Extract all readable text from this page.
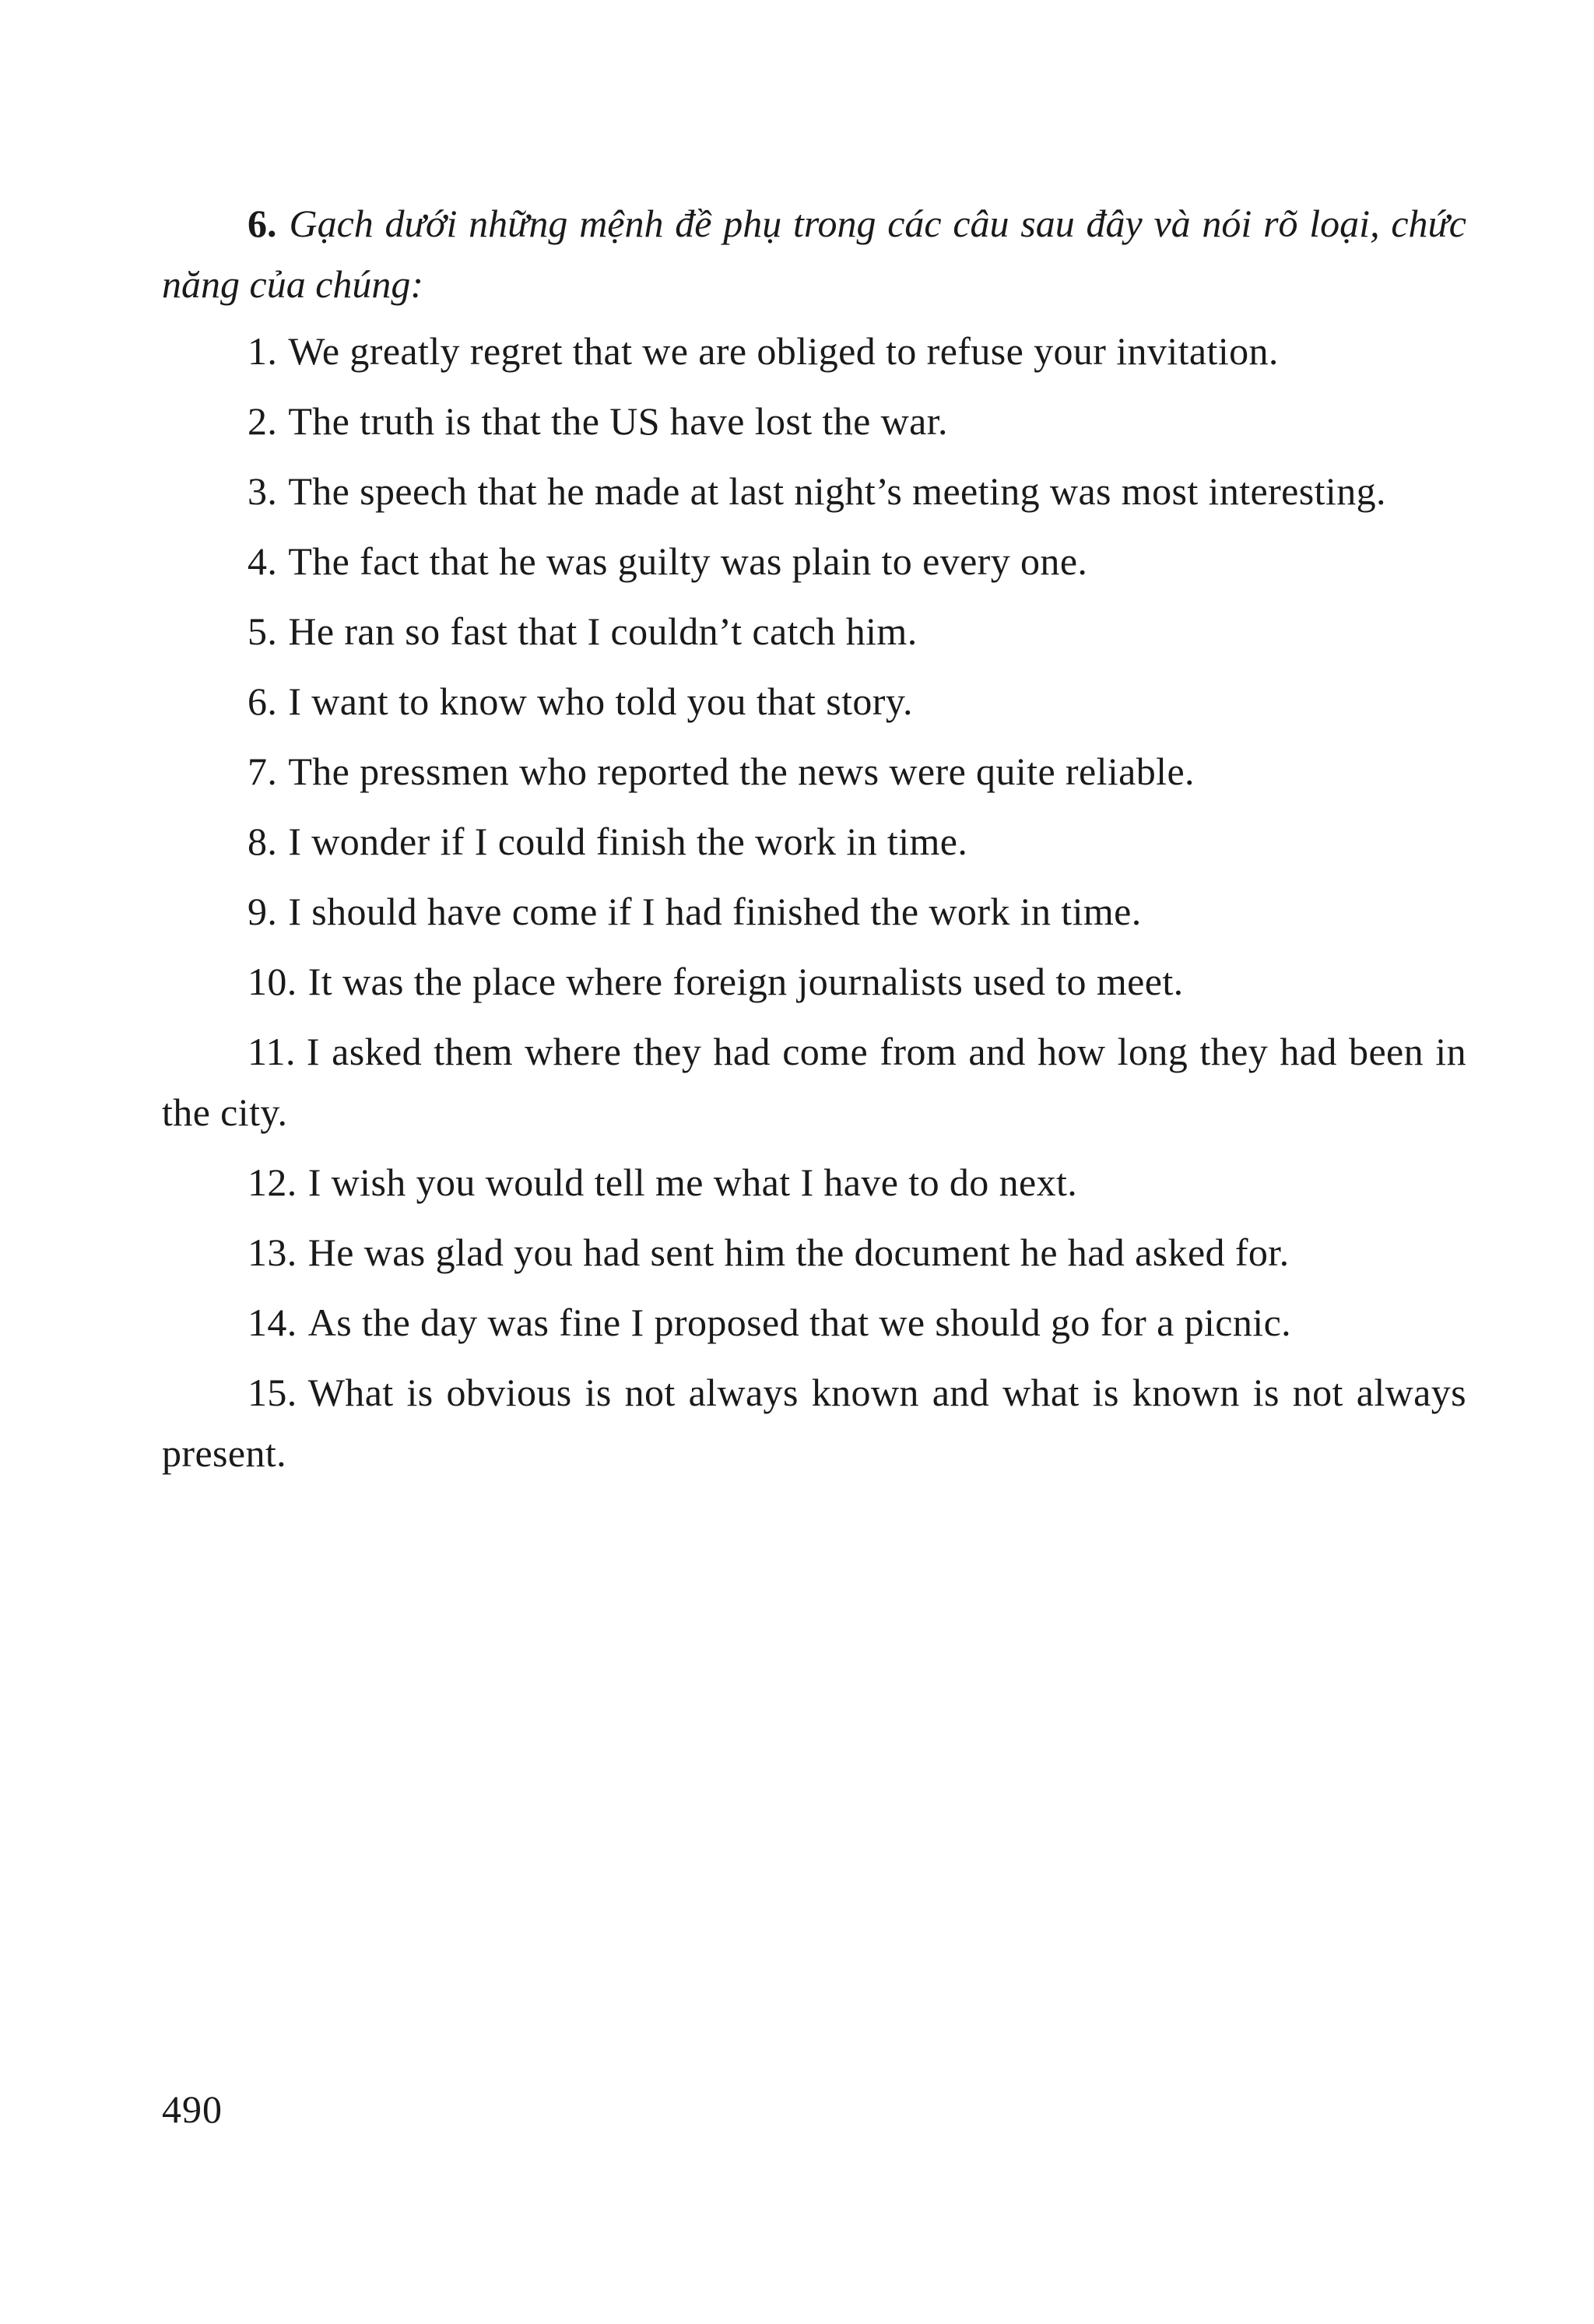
6. Gạch dưới những mệnh đề phụ trong các câu sau đây và nói rõ loại, chức năng của chúng:

1. We greatly regret that we are obliged to refuse your invitation.

2. The truth is that the US have lost the war.

3. The speech that he made at last night’s meeting was most interesting.

4. The fact that he was guilty was plain to every one.

5. He ran so fast that I couldn’t catch him.

6. I want to know who told you that story.

7. The pressmen who reported the news were quite reliable.

8. I wonder if I could finish the work in time.

9. I should have come if I had finished the work in time.

10. It was the place where foreign journalists used to meet.

11. I asked them where they had come from and how long they had been in the city.

12. I wish you would tell me what I have to do next.

13. He was glad you had sent him the document he had asked for.

14. As the day was fine I proposed that we should go for a picnic.

15. What is obvious is not always known and what is known is not always present.

490
